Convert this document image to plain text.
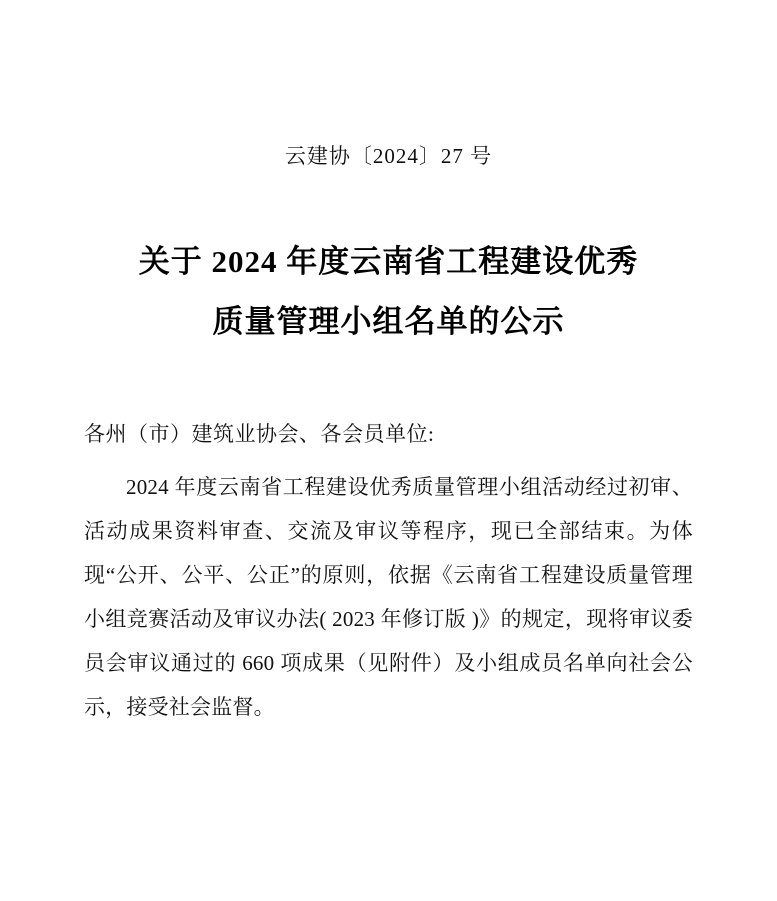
云建协〔2024〕27 号
关于 2024 年度云南省工程建设优秀
质量管理小组名单的公示
各州（市）建筑业协会、各会员单位:

2024 年度云南省工程建设优秀质量管理小组活动经过初审、活动成果资料审查、交流及审议等程序，现已全部结束。为体现“公开、公平、公正”的原则，依据《云南省工程建设质量管理小组竞赛活动及审议办法( 2023 年修订版 )》的规定，现将审议委员会审议通过的 660 项成果（见附件）及小组成员名单向社会公示，接受社会监督。
